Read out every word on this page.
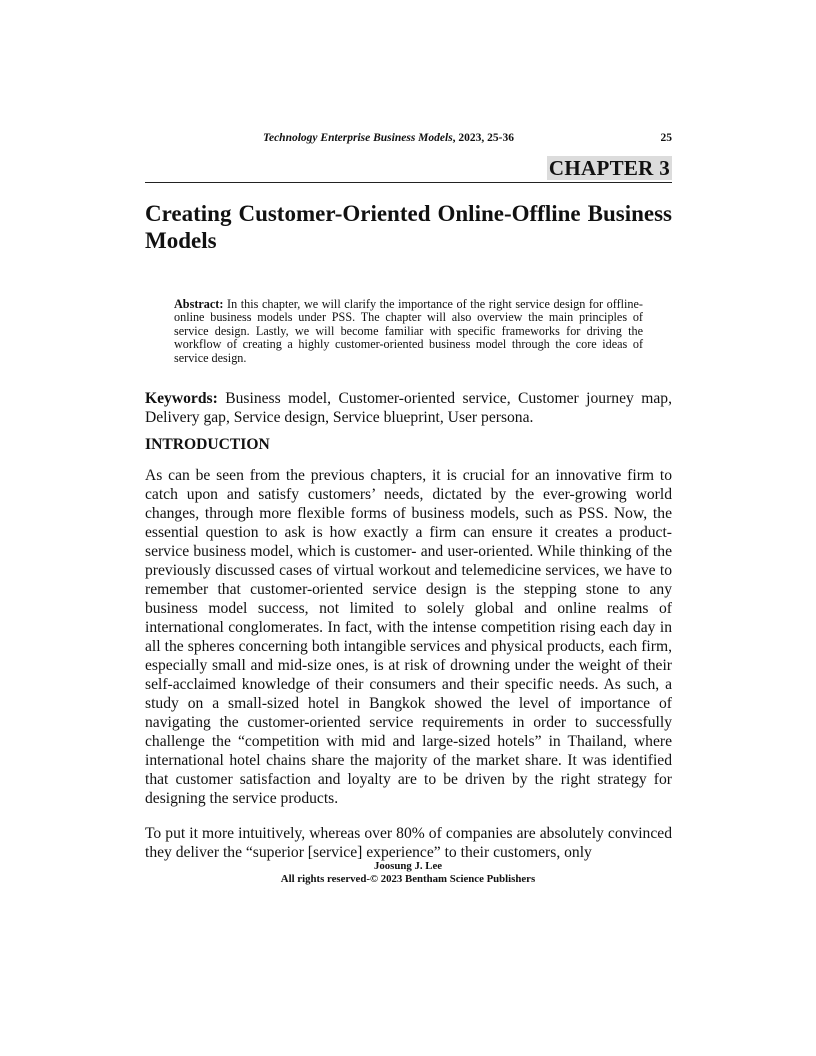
Technology Enterprise Business Models, 2023, 25-36	25
CHAPTER 3
Creating Customer-Oriented Online-Offline Business Models
Abstract: In this chapter, we will clarify the importance of the right service design for offline-online business models under PSS. The chapter will also overview the main principles of service design. Lastly, we will become familiar with specific frameworks for driving the workflow of creating a highly customer-oriented business model through the core ideas of service design.
Keywords: Business model, Customer-oriented service, Customer journey map, Delivery gap, Service design, Service blueprint, User persona.
INTRODUCTION

As can be seen from the previous chapters, it is crucial for an innovative firm to catch upon and satisfy customers’ needs, dictated by the ever-growing world changes, through more flexible forms of business models, such as PSS. Now, the essential question to ask is how exactly a firm can ensure it creates a product-service business model, which is customer- and user-oriented. While thinking of the previously discussed cases of virtual workout and telemedicine services, we have to remember that customer-oriented service design is the stepping stone to any business model success, not limited to solely global and online realms of international conglomerates. In fact, with the intense competition rising each day in all the spheres concerning both intangible services and physical products, each firm, especially small and mid-size ones, is at risk of drowning under the weight of their self-acclaimed knowledge of their consumers and their specific needs. As such, a study on a small-sized hotel in Bangkok showed the level of importance of navigating the customer-oriented service requirements in order to successfully challenge the “competition with mid and large-sized hotels” in Thailand, where international hotel chains share the majority of the market share. It was identified that customer satisfaction and loyalty are to be driven by the right strategy for designing the service products.

To put it more intuitively, whereas over 80% of companies are absolutely convinced they deliver the “superior [service] experience” to their customers, only

Joosung J. Lee
All rights reserved-© 2023 Bentham Science Publishers
